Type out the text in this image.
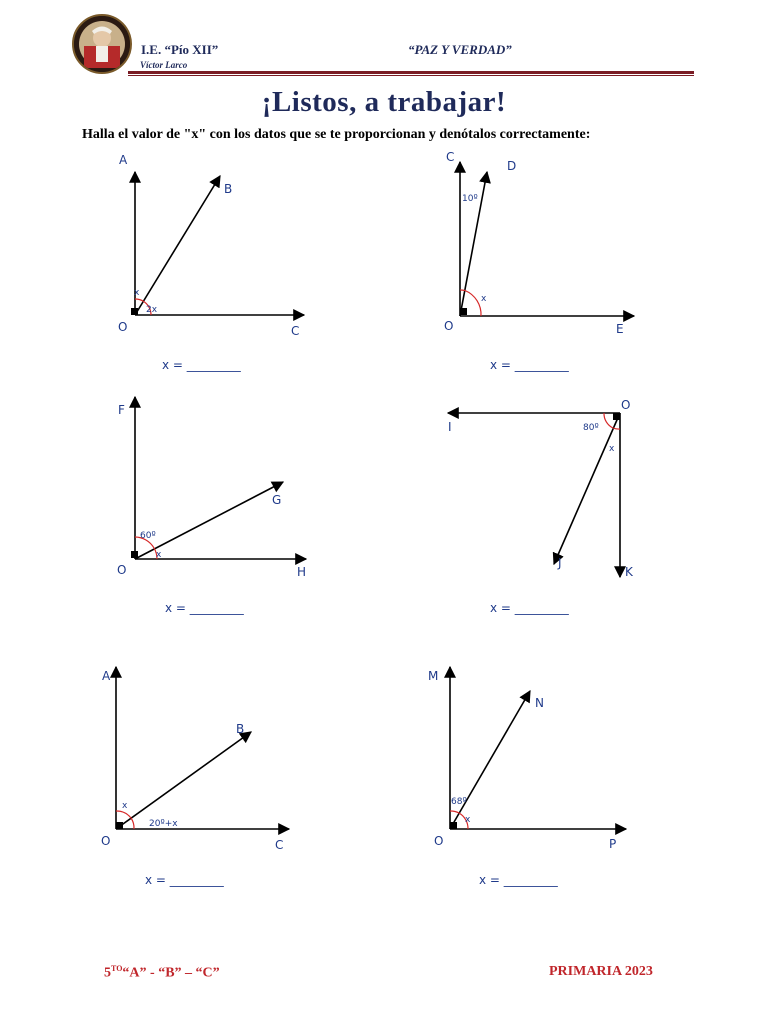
I.E. “Pío XII”
Víctor Larco
“PAZ Y VERDAD”
¡Listos, a trabajar!
Halla el valor de "x" con los datos que se te proporcionan y denótalos correctamente:
A
B
O	C
x
2x
x = _________
C
D
O	E
10º
x
x = _________
F
G
O	H
60º
x
x = _________
O
I
J
K
80º
x
x = _________
A
B
O	C
x
20º+x
x = _________
M
N
O	P
68º
x
x = _________
$5^{TO}“A$” - “B” – “C”	PRIMARIA 2023
